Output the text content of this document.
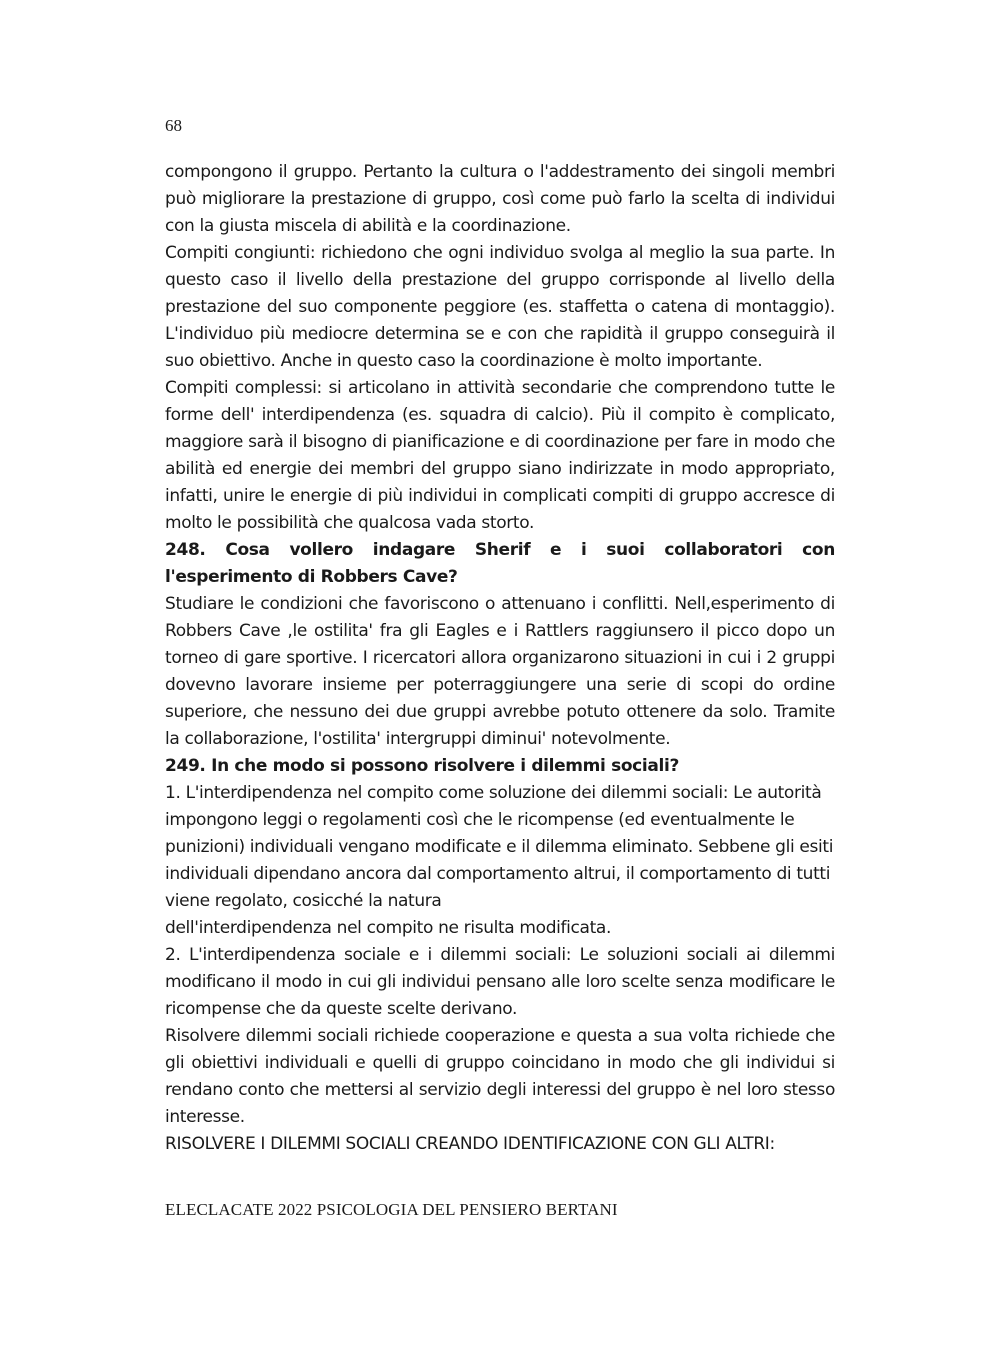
68

compongono il gruppo. Pertanto la cultura o l'addestramento dei singoli membri può migliorare la prestazione di gruppo, così come può farlo la scelta di individui con la giusta miscela di abilità e la coordinazione.

Compiti congiunti: richiedono che ogni individuo svolga al meglio la sua parte. In questo caso il livello della prestazione del gruppo corrisponde al livello della prestazione del suo componente peggiore (es. staffetta o catena di montaggio). L'individuo più mediocre determina se e con che rapidità il gruppo conseguirà il suo obiettivo. Anche in questo caso la coordinazione è molto importante.

Compiti complessi: si articolano in attività secondarie che comprendono tutte le forme dell' interdipendenza (es. squadra di calcio). Più il compito è complicato, maggiore sarà il bisogno di pianificazione e di coordinazione per fare in modo che abilità ed energie dei membri del gruppo siano indirizzate in modo appropriato, infatti, unire le energie di più individui in complicati compiti di gruppo accresce di molto le possibilità che qualcosa vada storto.

248. Cosa vollero indagare Sherif e i suoi collaboratori con l'esperimento di Robbers Cave?

Studiare le condizioni che favoriscono o attenuano i conflitti. Nell,esperimento di Robbers Cave ,le ostilita' fra gli Eagles e i Rattlers raggiunsero il picco dopo un torneo di gare sportive. I ricercatori allora organizarono situazioni in cui i 2 gruppi dovevno lavorare insieme per poterraggiungere una serie di scopi do ordine superiore, che nessuno dei due gruppi avrebbe potuto ottenere da solo. Tramite la collaborazione, l'ostilita' intergruppi diminui' notevolmente.

249. In che modo si possono risolvere i dilemmi sociali?

1. L'interdipendenza nel compito come soluzione dei dilemmi sociali: Le autorità impongono leggi o regolamenti così che le ricompense (ed eventualmente le punizioni) individuali vengano modificate e il dilemma eliminato. Sebbene gli esiti individuali dipendano ancora dal comportamento altrui, il comportamento di tutti viene regolato, cosicché la natura

dell'interdipendenza nel compito ne risulta modificata.

2. L'interdipendenza sociale e i dilemmi sociali: Le soluzioni sociali ai dilemmi modificano il modo in cui gli individui pensano alle loro scelte senza modificare le ricompense che da queste scelte derivano.

Risolvere dilemmi sociali richiede cooperazione e questa a sua volta richiede che gli obiettivi individuali e quelli di gruppo coincidano in modo che gli individui si rendano conto che mettersi al servizio degli interessi del gruppo è nel loro stesso interesse.

RISOLVERE I DILEMMI SOCIALI CREANDO IDENTIFICAZIONE CON GLI ALTRI:

ELECLACATE 2022 PSICOLOGIA DEL PENSIERO BERTANI
